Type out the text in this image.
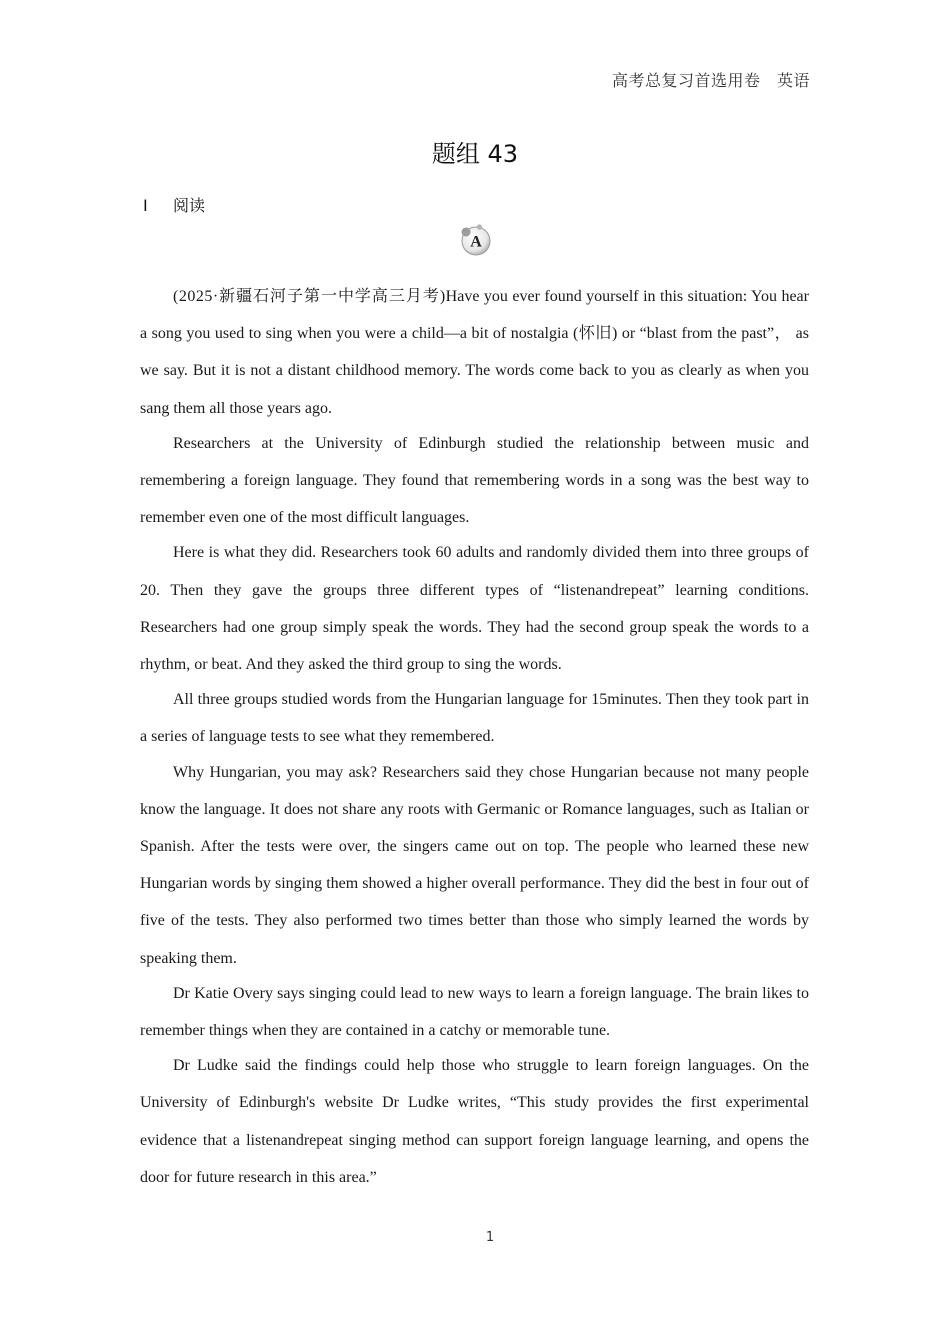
高考总复习首选用卷　英语
题组 43
Ⅰ 阅读
A

(2025·新疆石河子第一中学高三月考)Have you ever found yourself in this situation: You hear a song you used to sing when you were a child—a bit of nostalgia (怀旧) or “blast from the past”， as we say. But it is not a distant childhood memory. The words come back to you as clearly as when you sang them all those years ago.

Researchers at the University of Edinburgh studied the relationship between music and remembering a foreign language. They found that remembering words in a song was the best way to remember even one of the most difficult languages.

Here is what they did. Researchers took 60 adults and randomly divided them into three groups of 20. Then they gave the groups three different types of “listenandrepeat” learning conditions. Researchers had one group simply speak the words. They had the second group speak the words to a rhythm, or beat. And they asked the third group to sing the words.

All three groups studied words from the Hungarian language for 15minutes. Then they took part in a series of language tests to see what they remembered.

Why Hungarian, you may ask? Researchers said they chose Hungarian because not many people know the language. It does not share any roots with Germanic or Romance languages, such as Italian or Spanish. After the tests were over, the singers came out on top. The people who learned these new Hungarian words by singing them showed a higher overall performance. They did the best in four out of five of the tests. They also performed two times better than those who simply learned the words by speaking them.

Dr Katie Overy says singing could lead to new ways to learn a foreign language. The brain likes to remember things when they are contained in a catchy or memorable tune.

Dr Ludke said the findings could help those who struggle to learn foreign languages. On the University of Edinburgh's website Dr Ludke writes, “This study provides the first experimental evidence that a listenandrepeat singing method can support foreign language learning, and opens the door for future research in this area.”

1
